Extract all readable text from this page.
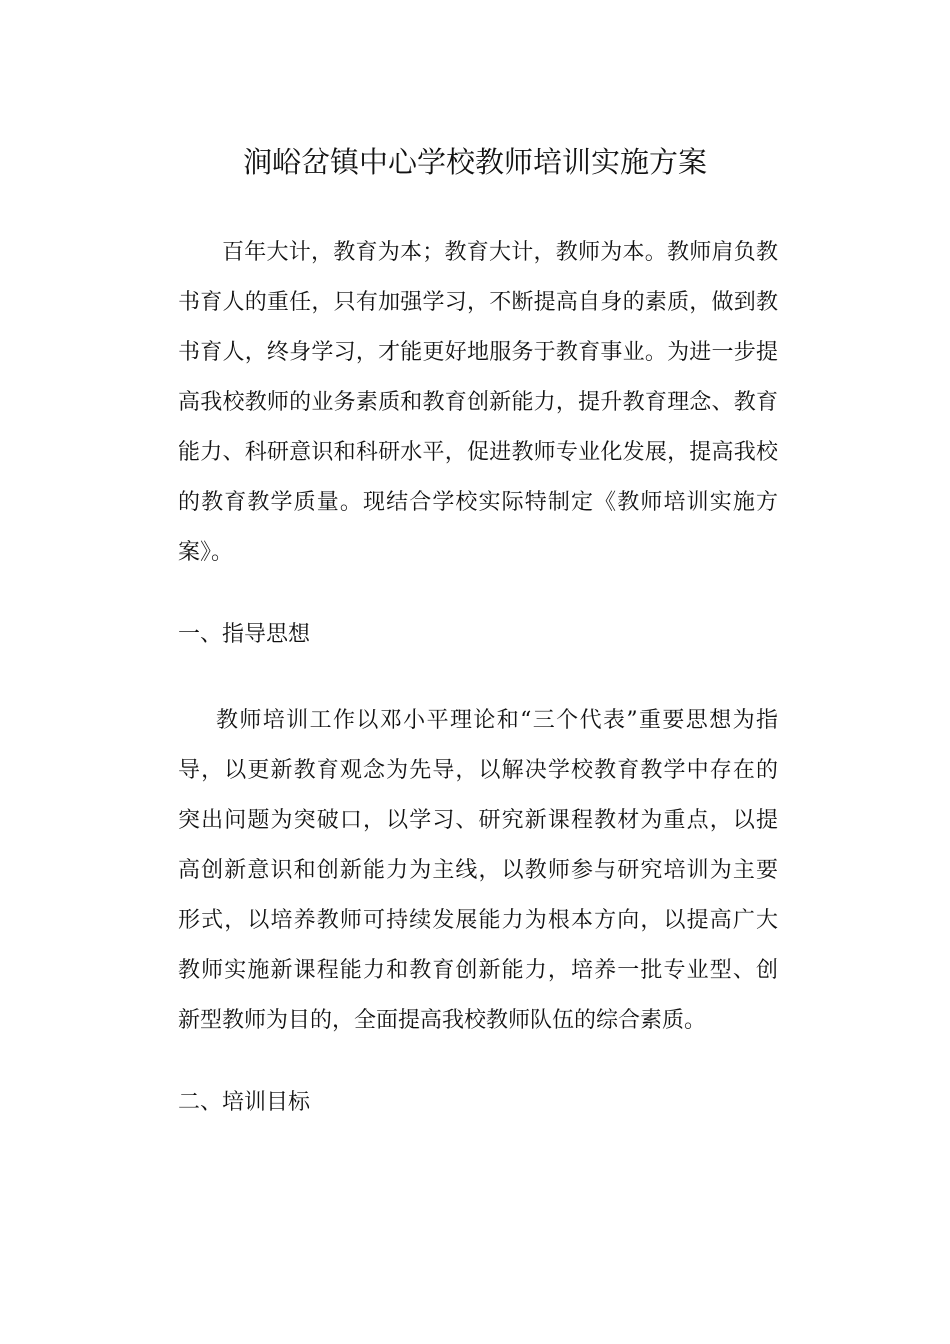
涧峪岔镇中心学校教师培训实施方案
百年大计，教育为本；教育大计，教师为本。教师肩负教
书育人的重任，只有加强学习，不断提高自身的素质，做到教
书育人，终身学习，才能更好地服务于教育事业。为进一步提
高我校教师的业务素质和教育创新能力，提升教育理念、教育
能力、科研意识和科研水平，促进教师专业化发展，提高我校
的教育教学质量。现结合学校实际特制定《教师培训实施方
案》。
一、指导思想
教师培训工作以邓小平理论和“三个代表”重要思想为指
导，以更新教育观念为先导，以解决学校教育教学中存在的
突出问题为突破口，以学习、研究新课程教材为重点，以提
高创新意识和创新能力为主线，以教师参与研究培训为主要
形式，以培养教师可持续发展能力为根本方向，以提高广大
教师实施新课程能力和教育创新能力，培养一批专业型、创
新型教师为目的，全面提高我校教师队伍的综合素质。
二、培训目标
